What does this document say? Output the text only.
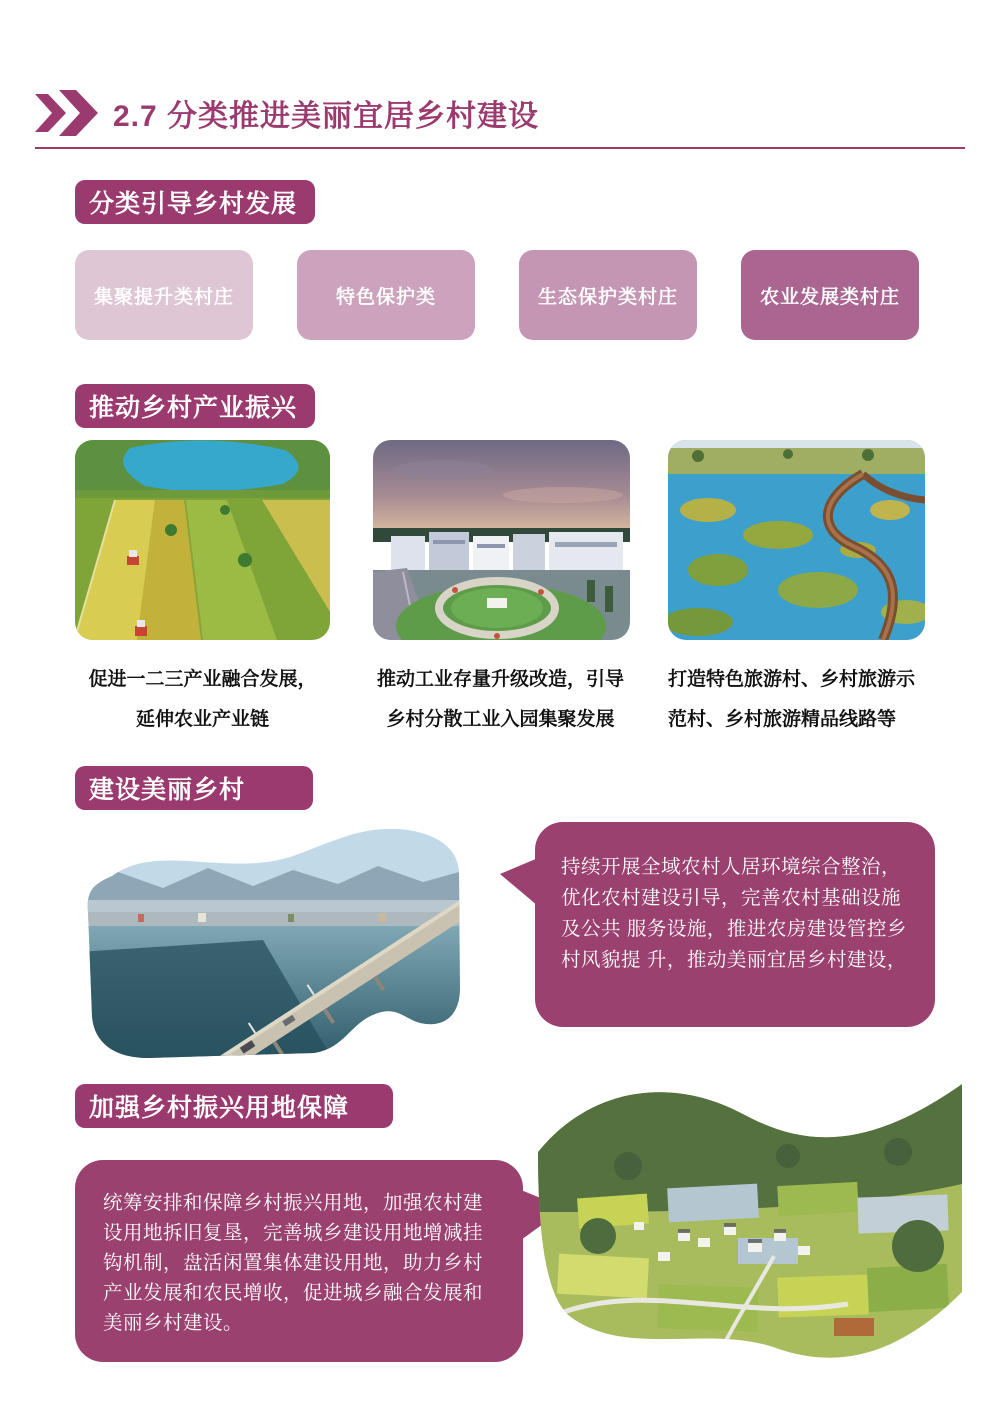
2.7 分类推进美丽宜居乡村建设
分类引导乡村发展
集聚提升类村庄	特色保护类	生态保护类村庄	农业发展类村庄
推动乡村产业振兴
促进一二三产业融合发展，
延伸农业产业链
推动工业存量升级改造，引导
乡村分散工业入园集聚发展
打造特色旅游村、乡村旅游示
范村、乡村旅游精品线路等
建设美丽乡村
持续开展全域农村人居环境综合整治，优化农村建设引导，完善农村基础设施及公共 服务设施，推进农房建设管控乡村风貌提 升，推动美丽宜居乡村建设，
加强乡村振兴用地保障
统筹安排和保障乡村振兴用地，加强农村建设用地拆旧复垦，完善城乡建设用地增减挂钩机制，盘活闲置集体建设用地，助力乡村产业发展和农民增收，促进城乡融合发展和美丽乡村建设。
